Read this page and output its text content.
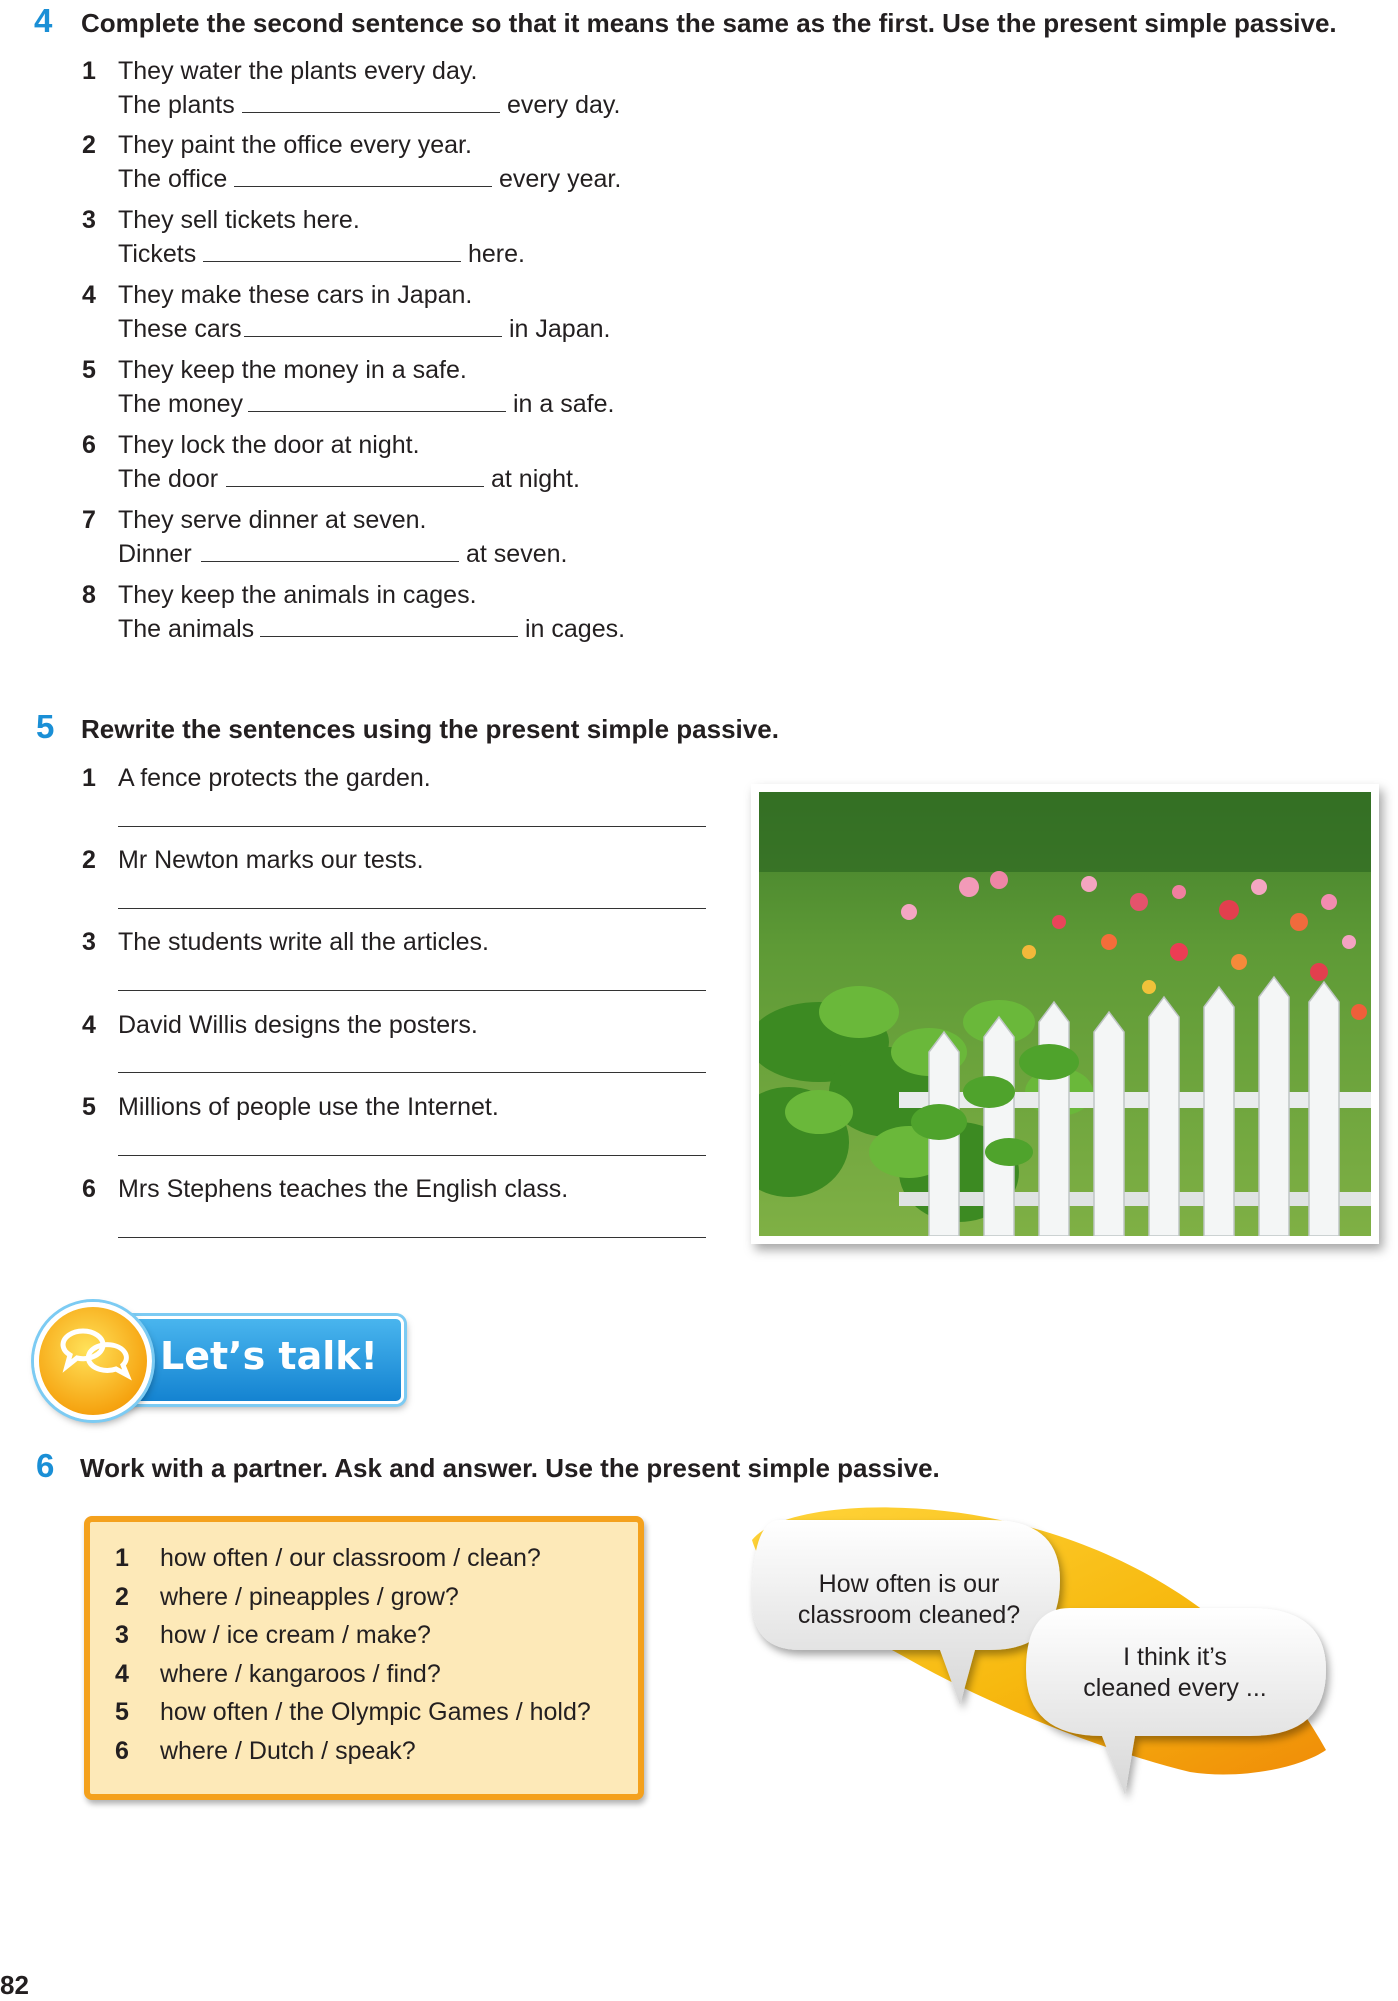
4 Complete the second sentence so that it means the same as the first. Use the present simple passive.
1 They water the plants every day.
The plants	every day.
2 They paint the office every year.
The office	every year.
3 They sell tickets here.
Tickets	here.
4 They make these cars in Japan.
These cars	in Japan.
5 They keep the money in a safe.
The money	in a safe.
6 They lock the door at night.
The door	at night.
7 They serve dinner at seven.
Dinner	at seven.
8 They keep the animals in cages.
The animals	in cages.
5 Rewrite the sentences using the present simple passive.
1 A fence protects the garden.
2 Mr Newton marks our tests.
3 The students write all the articles.
4 David Willis designs the posters.
5 Millions of people use the Internet.
6 Mrs Stephens teaches the English class.
Let’s talk!
6 Work with a partner. Ask and answer. Use the present simple passive.
1 how often / our classroom / clean?
2 where / pineapples / grow?
3 how / ice cream / make?
4 where / kangaroos / find?
5 how often / the Olympic Games / hold?
6 where / Dutch / speak?
How often is our
classroom cleaned?
I think it’s
cleaned every ...
82
